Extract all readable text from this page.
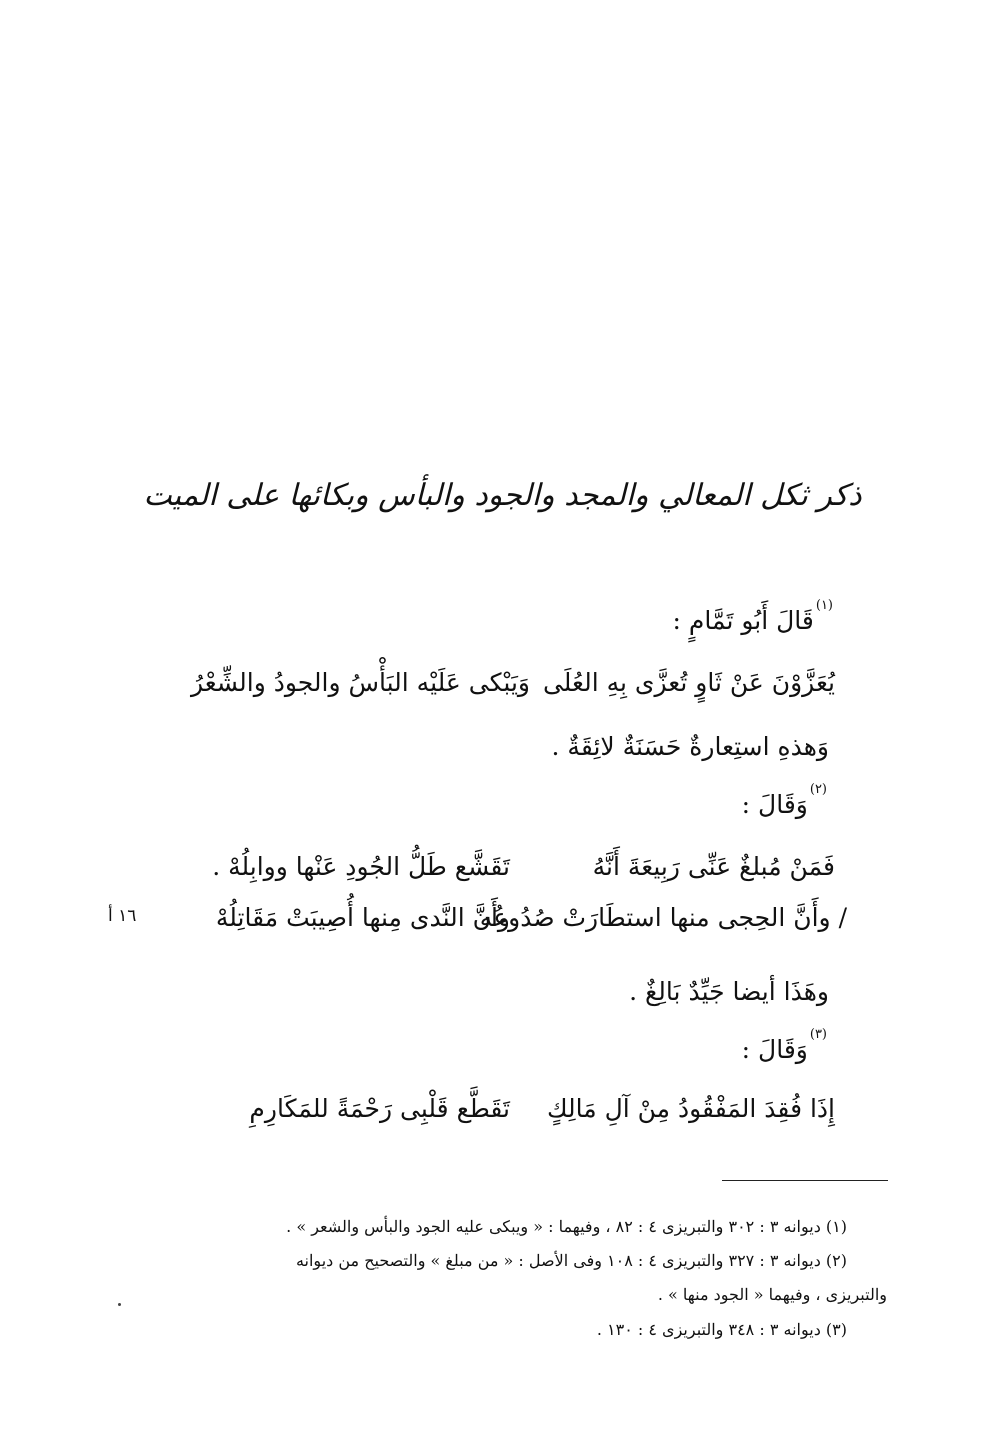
ذكر ثكل المعالي والمجد والجود والبأس وبكائها على الميت
$^{(١)}$قَالَ أَبُو تَمَّامٍ :
يُعَزَّوْنَ عَنْ ثَاوٍ تُعزَّى بِهِ العُلَى
وَيَبْكى عَلَيْه البَأْسُ والجودُ والشِّعْرُ
وَهذهِ استِعارةٌ حَسَنَةٌ لائِقَةٌ .
$^{(٢)}$وَقَالَ :
فَمَنْ مُبلغٌ عَنِّى رَبِيعَةَ أَنَّهُ
تَقَشَّع طَلُّ الجُودِ عَنْها ووابِلُهْ .
/ وأَنَّ الحِجى منها استطَارَتْ صُدُوعُه
وأَنَّ النَّدى مِنها أُصِيبَتْ مَقَاتِلُهْ
١٦ أ
وهَذَا أيضا جَيِّدٌ بَالِغٌ .
$^{(٣)}$وَقَالَ :
إِذَا فُقِدَ المَفْقُودُ مِنْ آلِ مَالِكٍ
تَقَطَّع قَلْبِى رَحْمَةً للمَكَارِمِ
(١) ديوانه ٣ : ٣٠٢ والتبريزى ٤ : ٨٢ ، وفيهما : « ويبكى عليه الجود والبأس والشعر » .
(٢) ديوانه ٣ : ٣٢٧ والتبريزى ٤ : ١٠٨ وفى الأصل : « من مبلغ » والتصحيح من ديوانه
والتبريزى ، وفيهما « الجود منها » .
(٣) ديوانه ٣ : ٣٤٨ والتبريزى ٤ : ١٣٠ .
